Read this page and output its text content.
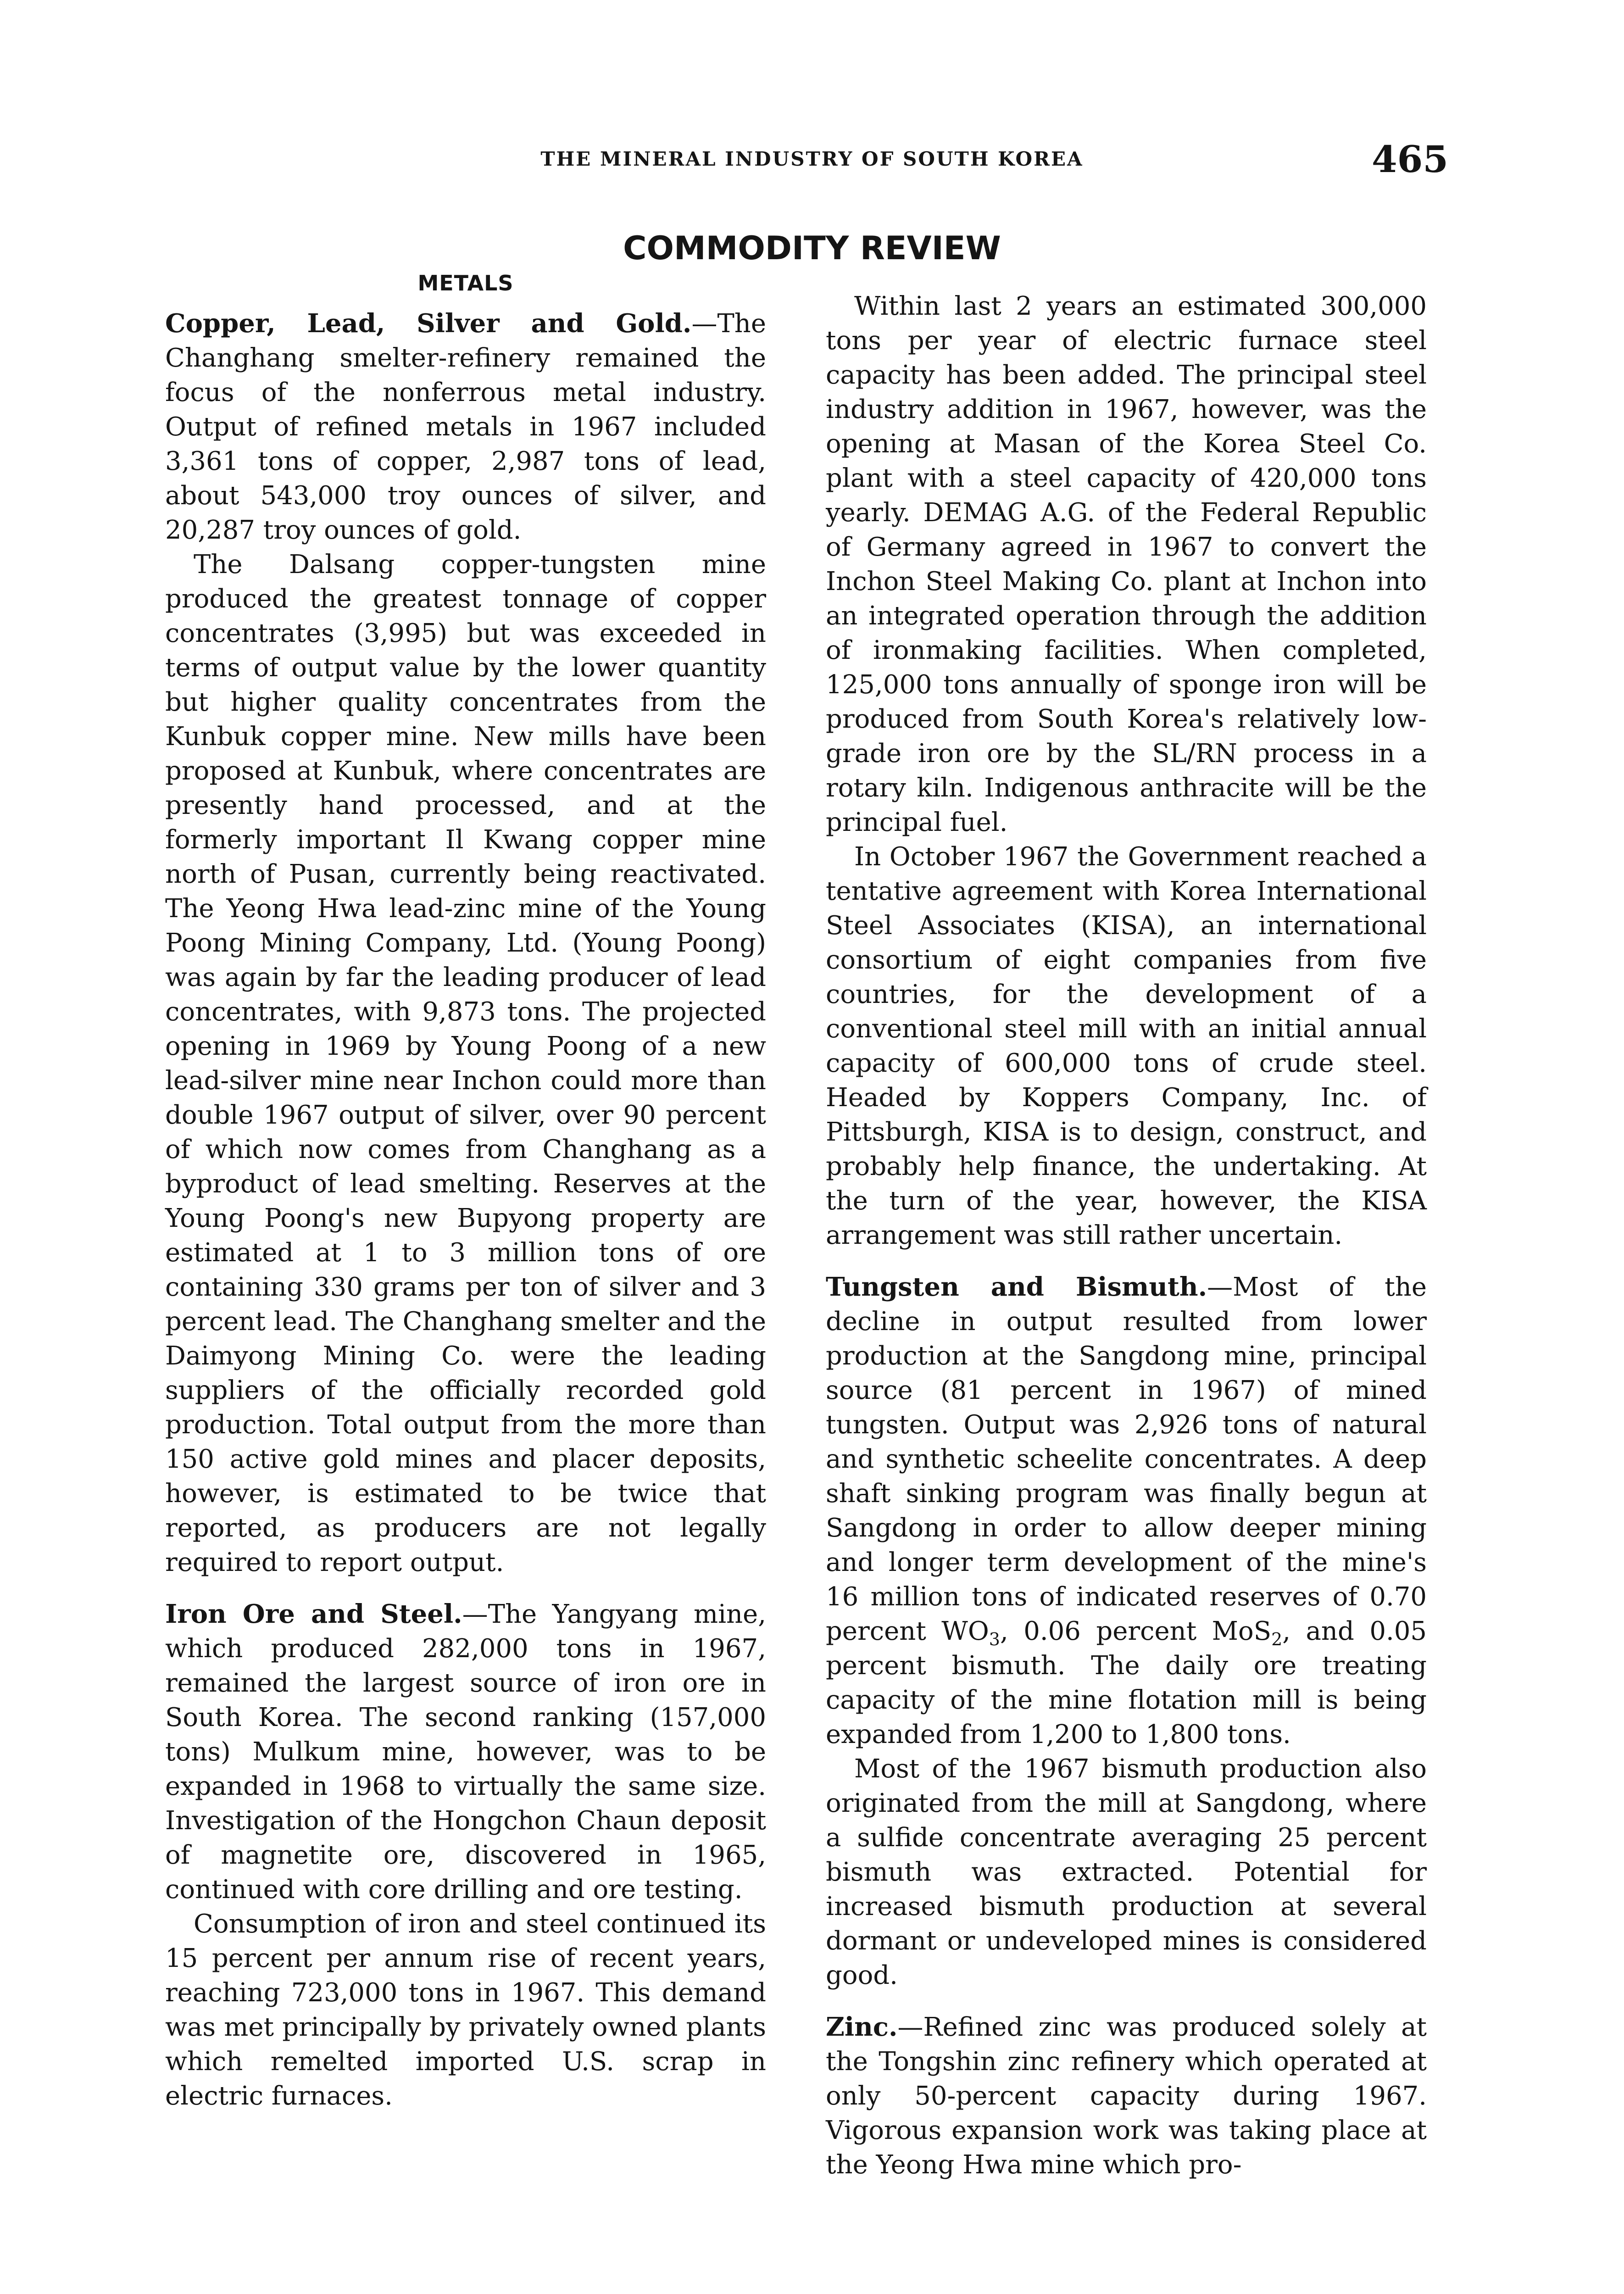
THE MINERAL INDUSTRY OF SOUTH KOREA	465
COMMODITY REVIEW
METALS

Copper, Lead, Silver and Gold.—The Changhang smelter-refinery remained the focus of the nonferrous metal industry. Output of refined metals in 1967 included 3,361 tons of copper, 2,987 tons of lead, about 543,000 troy ounces of silver, and 20,287 troy ounces of gold.

The Dalsang copper-tungsten mine produced the greatest tonnage of copper concentrates (3,995) but was exceeded in terms of output value by the lower quantity but higher quality concentrates from the Kunbuk copper mine. New mills have been proposed at Kunbuk, where concentrates are presently hand processed, and at the formerly important Il Kwang copper mine north of Pusan, currently being reactivated. The Yeong Hwa lead-zinc mine of the Young Poong Mining Company, Ltd. (Young Poong) was again by far the leading producer of lead concentrates, with 9,873 tons. The projected opening in 1969 by Young Poong of a new lead-silver mine near Inchon could more than double 1967 output of silver, over 90 percent of which now comes from Changhang as a byproduct of lead smelting. Reserves at the Young Poong's new Bupyong property are estimated at 1 to 3 million tons of ore containing 330 grams per ton of silver and 3 percent lead. The Changhang smelter and the Daimyong Mining Co. were the leading suppliers of the officially recorded gold production. Total output from the more than 150 active gold mines and placer deposits, however, is estimated to be twice that reported, as producers are not legally required to report output.

Iron Ore and Steel.—The Yangyang mine, which produced 282,000 tons in 1967, remained the largest source of iron ore in South Korea. The second ranking (157,000 tons) Mulkum mine, however, was to be expanded in 1968 to virtually the same size. Investigation of the Hongchon Chaun deposit of magnetite ore, discovered in 1965, continued with core drilling and ore testing.

Consumption of iron and steel continued its 15 percent per annum rise of recent years, reaching 723,000 tons in 1967. This demand was met principally by privately owned plants which remelted imported U.S. scrap in electric furnaces.

Within last 2 years an estimated 300,000 tons per year of electric furnace steel capacity has been added. The principal steel industry addition in 1967, however, was the opening at Masan of the Korea Steel Co. plant with a steel capacity of 420,000 tons yearly. DEMAG A.G. of the Federal Republic of Germany agreed in 1967 to convert the Inchon Steel Making Co. plant at Inchon into an integrated operation through the addition of ironmaking facilities. When completed, 125,000 tons annually of sponge iron will be produced from South Korea's relatively low-grade iron ore by the SL/RN process in a rotary kiln. Indigenous anthracite will be the principal fuel.

In October 1967 the Government reached a tentative agreement with Korea International Steel Associates (KISA), an international consortium of eight companies from five countries, for the development of a conventional steel mill with an initial annual capacity of 600,000 tons of crude steel. Headed by Koppers Company, Inc. of Pittsburgh, KISA is to design, construct, and probably help finance, the undertaking. At the turn of the year, however, the KISA arrangement was still rather uncertain.

Tungsten and Bismuth.—Most of the decline in output resulted from lower production at the Sangdong mine, principal source (81 percent in 1967) of mined tungsten. Output was 2,926 tons of natural and synthetic scheelite concentrates. A deep shaft sinking program was finally begun at Sangdong in order to allow deeper mining and longer term development of the mine's 16 million tons of indicated reserves of 0.70 percent $WO_3$, 0.06 percent MoS$_2$, and 0.05 percent bismuth. The daily ore treating capacity of the mine flotation mill is being expanded from 1,200 to 1,800 tons.

Most of the 1967 bismuth production also originated from the mill at Sangdong, where a sulfide concentrate averaging 25 percent bismuth was extracted. Potential for increased bismuth production at several dormant or undeveloped mines is considered good.

Zinc.—Refined zinc was produced solely at the Tongshin zinc refinery which operated at only 50-percent capacity during 1967. Vigorous expansion work was taking place at the Yeong Hwa mine which pro-
